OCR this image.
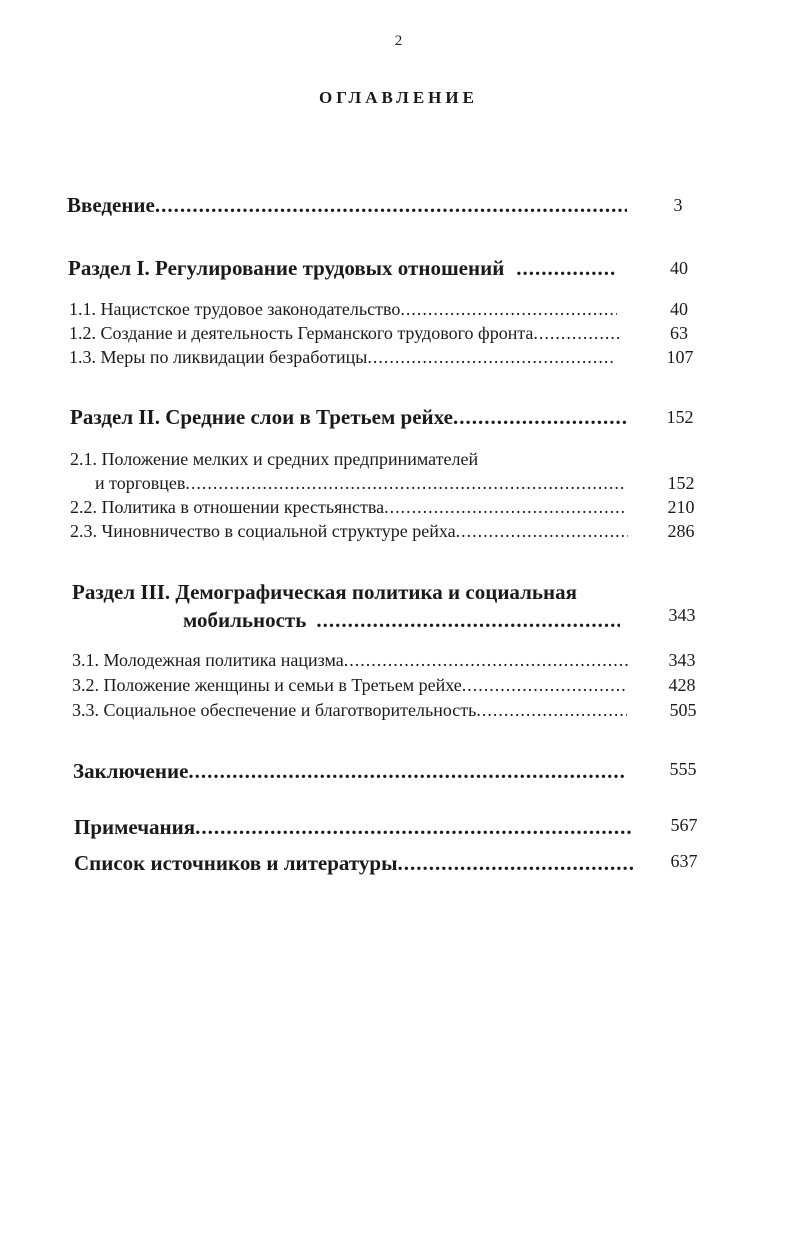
2
ОГЛАВЛЕНИЕ
Введение .....	3
Раздел I. Регулирование трудовых отношений .....	40
1.1. Нацистское трудовое законодательство .....	40
1.2. Создание и деятельность Германского трудового фронта .....	63
1.3. Меры по ликвидации безработицы .....	107
Раздел II. Средние слои в Третьем рейхе .....	152
2.1. Положение мелких и средних предпринимателей
и торговцев .....	152
2.2. Политика в отношении крестьянства .....	210
2.3. Чиновничество в социальной структуре рейха .....	286
Раздел III. Демографическая политика и социальная
мобильность .....	343
3.1. Молодежная политика нацизма .....	343
3.2. Положение женщины и семьи в Третьем рейхе .....	428
3.3. Социальное обеспечение и благотворительность .....	505
Заключение .....	555
Примечания .....	567
Список источников и литературы .....	637
